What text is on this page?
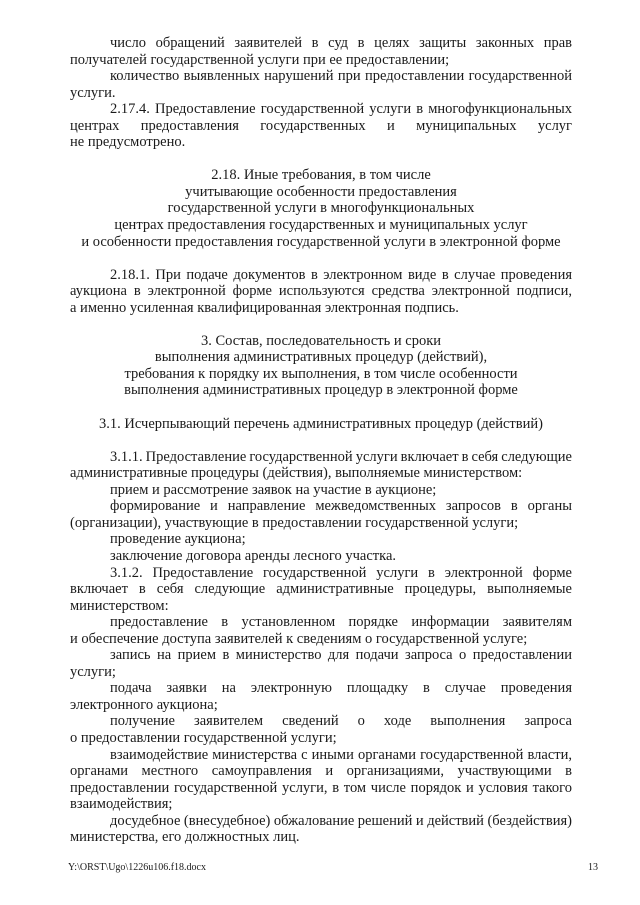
число обращений заявителей в суд в целях защиты законных прав
получателей государственной услуги при ее предоставлении;
количество выявленных нарушений при предоставлении государственной
услуги.
2.17.4. Предоставление государственной услуги в многофункциональных
центрах предоставления государственных и муниципальных услуг
не предусмотрено.
2.18. Иные требования, в том числе
учитывающие особенности предоставления
государственной услуги в многофункциональных
центрах предоставления государственных и муниципальных услуг
и особенности предоставления государственной услуги в электронной форме
2.18.1. При подаче документов в электронном виде в случае проведения
аукциона в электронной форме используются средства электронной подписи,
а именно усиленная квалифицированная электронная подпись.
3. Состав, последовательность и сроки
выполнения административных процедур (действий),
требования к порядку их выполнения, в том числе особенности
выполнения административных процедур в электронной форме
3.1. Исчерпывающий перечень административных процедур (действий)
3.1.1. Предоставление государственной услуги включает в себя следующие
административные процедуры (действия), выполняемые министерством:
прием и рассмотрение заявок на участие в аукционе;
формирование и направление межведомственных запросов в органы
(организации), участвующие в предоставлении государственной услуги;
проведение аукциона;
заключение договора аренды лесного участка.
3.1.2. Предоставление государственной услуги в электронной форме
включает в себя следующие административные процедуры, выполняемые
министерством:
предоставление в установленном порядке информации заявителям
и обеспечение доступа заявителей к сведениям о государственной услуге;
запись на прием в министерство для подачи запроса о предоставлении
услуги;
подача заявки на электронную площадку в случае проведения
электронного аукциона;
получение заявителем сведений о ходе выполнения запроса
о предоставлении государственной услуги;
взаимодействие министерства с иными органами государственной власти,
органами местного самоуправления и организациями, участвующими в
предоставлении государственной услуги, в том числе порядок и условия такого
взаимодействия;
досудебное (внесудебное) обжалование решений и действий (бездействия)
министерства, его должностных лиц.
Y:\ORST\Ugo\1226u106.f18.docx	13
